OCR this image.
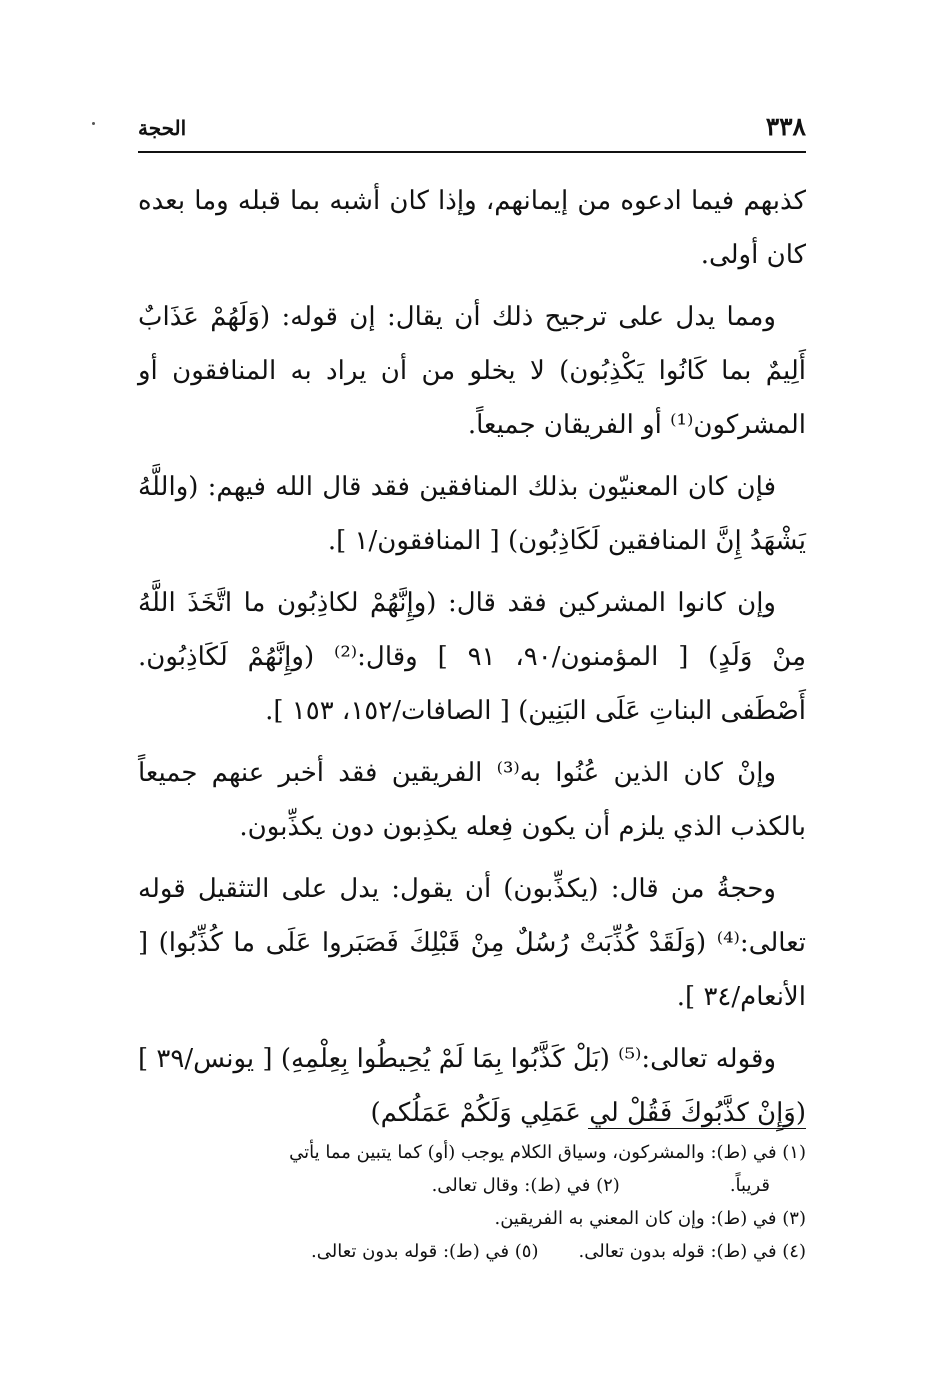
٣٣٨
الحجة

كذبهم فيما ادعوه من إيمانهم، وإذا كان أشبه بما قبله وما بعده كان أولى.

ومما يدل على ترجيح ذلك أن يقال: إن قوله: (وَلَهُمْ عَذَابٌ أَلِيمٌ بما كَانُوا يَكْذِبُون) لا يخلو من أن يراد به المنافقون أو المشركون⁽¹⁾ أو الفريقان جميعاً.

فإن كان المعنيّون بذلك المنافقين فقد قال الله فيهم: (واللَّهُ يَشْهَدُ إِنَّ المنافقين لَكَاذِبُون) [ المنافقون/١ ].

وإن كانوا المشركين فقد قال: (وإِنَّهُمْ لكاذِبُون ما اتَّخَذَ اللَّهُ مِنْ وَلَدٍ) [ المؤمنون/٩٠، ٩١ ] وقال:⁽²⁾ (وإِنَّهُمْ لَكَاذِبُون. أَصْطَفى البناتِ عَلَى البَنِين) [ الصافات/١٥٢، ١٥٣ ].

وإنْ كان الذين عُنُوا به⁽³⁾ الفريقين فقد أخبر عنهم جميعاً بالكذب الذي يلزم أن يكون فِعله يكذِبون دون يكذِّبون.

وحجةُ من قال: (يكذِّبون) أن يقول: يدل على التثقيل قوله تعالى:⁽⁴⁾ (وَلَقَدْ كُذِّبَتْ رُسُلٌ مِنْ قَبْلِكَ فَصَبَروا عَلَى ما كُذِّبُوا) [ الأنعام/٣٤ ].

وقوله تعالى:⁽⁵⁾ (بَلْ كَذَّبُوا بِمَا لَمْ يُحِيطُوا بِعِلْمِهِ) [ يونس/٣٩ ] (وَإِنْ كذَّبُوكَ فَقُلْ لي عَمَلِي وَلَكُمْ عَمَلُكم)

(١) في (ط): والمشركون، وسياق الكلام يوجب (أو) كما يتبين مما يأتي

قريباً.(٢) في (ط): وقال تعالى.

(٣) في (ط): وإن كان المعني به الفريقين.

(٤) في (ط): قوله بدون تعالى.(٥) في (ط): قوله بدون تعالى.
